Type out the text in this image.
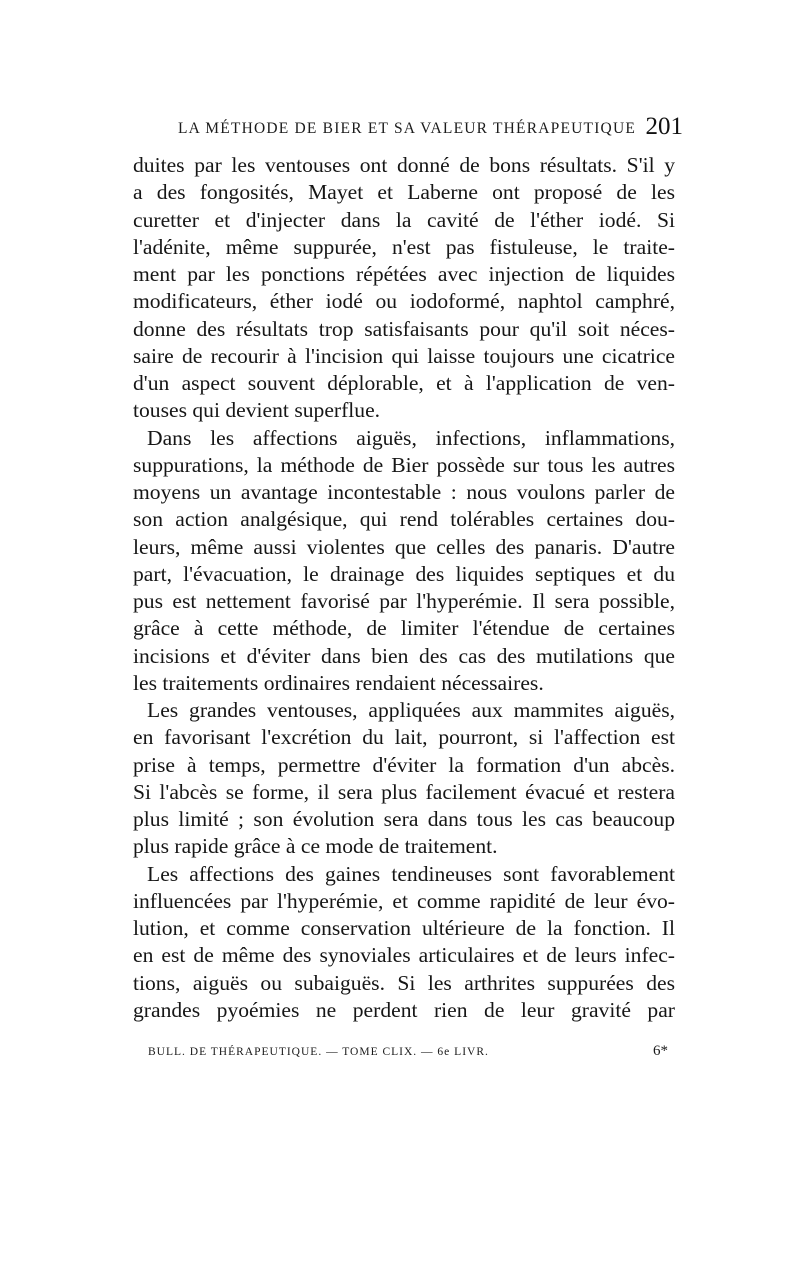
LA MÉTHODE DE BIER ET SA VALEUR THÉRAPEUTIQUE 201
duites par les ventouses ont donné de bons résultats. S'il y
a des fongosités, Mayet et Laberne ont proposé de les
curetter et d'injecter dans la cavité de l'éther iodé. Si
l'adénite, même suppurée, n'est pas fistuleuse, le traite-
ment par les ponctions répétées avec injection de liquides
modificateurs, éther iodé ou iodoformé, naphtol camphré,
donne des résultats trop satisfaisants pour qu'il soit néces-
saire de recourir à l'incision qui laisse toujours une cicatrice
d'un aspect souvent déplorable, et à l'application de ven-
touses qui devient superflue.
Dans les affections aiguës, infections, inflammations,
suppurations, la méthode de Bier possède sur tous les autres
moyens un avantage incontestable : nous voulons parler de
son action analgésique, qui rend tolérables certaines dou-
leurs, même aussi violentes que celles des panaris. D'autre
part, l'évacuation, le drainage des liquides septiques et du
pus est nettement favorisé par l'hyperémie. Il sera possible,
grâce à cette méthode, de limiter l'étendue de certaines
incisions et d'éviter dans bien des cas des mutilations que
les traitements ordinaires rendaient nécessaires.
Les grandes ventouses, appliquées aux mammites aiguës,
en favorisant l'excrétion du lait, pourront, si l'affection est
prise à temps, permettre d'éviter la formation d'un abcès.
Si l'abcès se forme, il sera plus facilement évacué et restera
plus limité ; son évolution sera dans tous les cas beaucoup
plus rapide grâce à ce mode de traitement.
Les affections des gaines tendineuses sont favorablement
influencées par l'hyperémie, et comme rapidité de leur évo-
lution, et comme conservation ultérieure de la fonction. Il
en est de même des synoviales articulaires et de leurs infec-
tions, aiguës ou subaiguës. Si les arthrites suppurées des
grandes pyoémies ne perdent rien de leur gravité par
BULL. DE THÉRAPEUTIQUE. — TOME CLIX. — 6e LIVR.	6*
